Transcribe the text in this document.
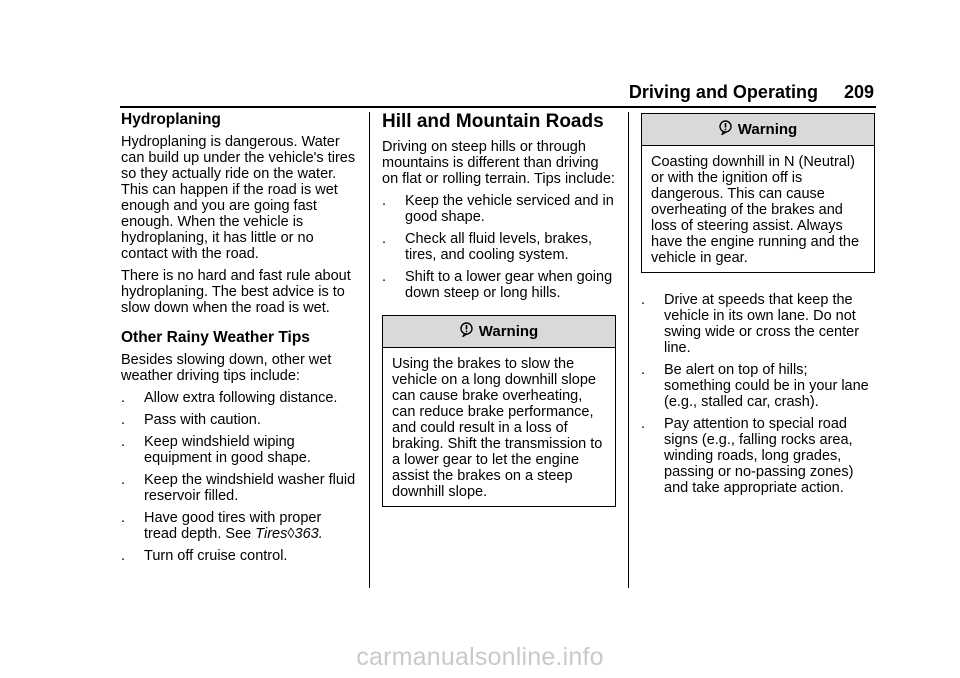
Driving and Operating 209
Hydroplaning

Hydroplaning is dangerous. Water can build up under the vehicle's tires so they actually ride on the water. This can happen if the road is wet enough and you are going fast enough. When the vehicle is hydroplaning, it has little or no contact with the road.

There is no hard and fast rule about hydroplaning. The best advice is to slow down when the road is wet.

Other Rainy Weather Tips

Besides slowing down, other wet weather driving tips include:

. Allow extra following distance.
. Pass with caution.
. Keep windshield wiping equipment in good shape.
. Keep the windshield washer fluid reservoir filled.
. Have good tires with proper tread depth. See Tires◊363.
. Turn off cruise control.
Hill and Mountain Roads

Driving on steep hills or through mountains is different than driving on flat or rolling terrain. Tips include:

. Keep the vehicle serviced and in good shape.
. Check all fluid levels, brakes, tires, and cooling system.
. Shift to a lower gear when going down steep or long hills.
Warning
Using the brakes to slow the vehicle on a long downhill slope can cause brake overheating, can reduce brake performance, and could result in a loss of braking. Shift the transmission to a lower gear to let the engine assist the brakes on a steep downhill slope.
Warning
Coasting downhill in N (Neutral) or with the ignition off is dangerous. This can cause overheating of the brakes and loss of steering assist. Always have the engine running and the vehicle in gear.
. Drive at speeds that keep the vehicle in its own lane. Do not swing wide or cross the center line.
. Be alert on top of hills; something could be in your lane (e.g., stalled car, crash).
. Pay attention to special road signs (e.g., falling rocks area, winding roads, long grades, passing or no-passing zones) and take appropriate action.
carmanualsonline.info
